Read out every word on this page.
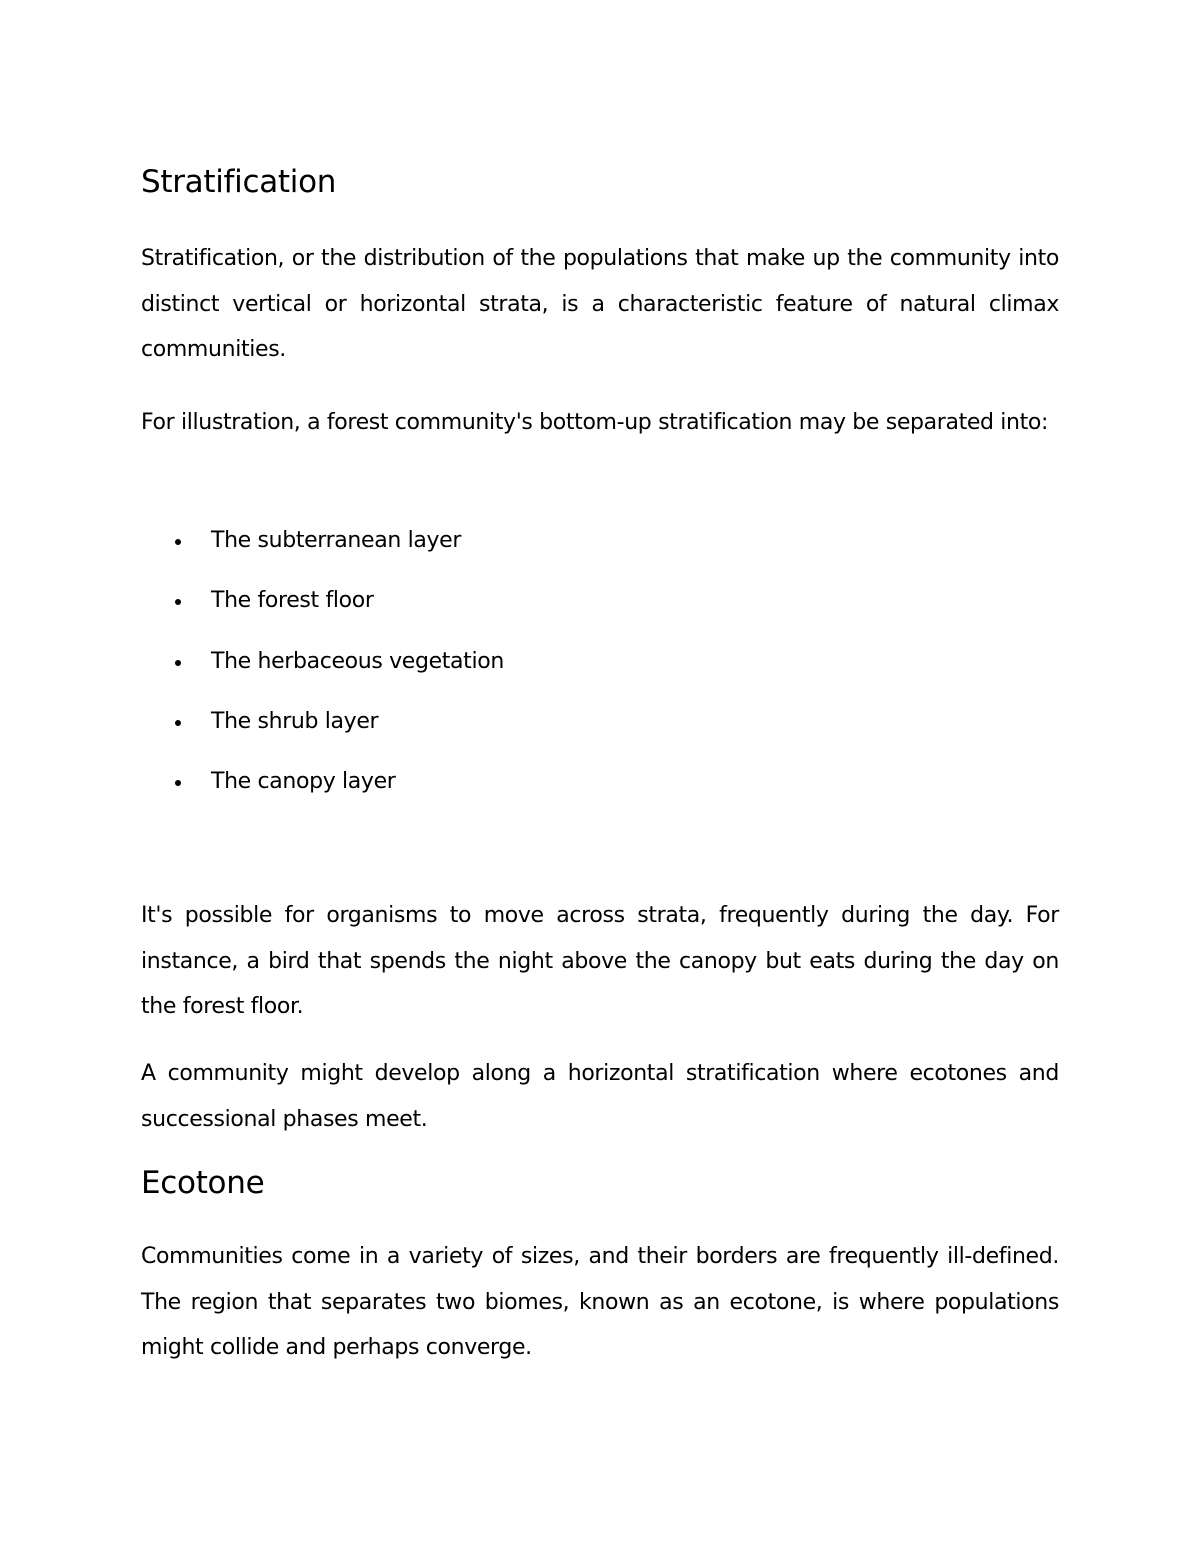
Stratification

Stratification, or the distribution of the populations that make up the community into distinct vertical or horizontal strata, is a characteristic feature of natural climax communities.

For illustration, a forest community's bottom-up stratification may be separated into:

The subterranean layer
The forest floor
The herbaceous vegetation
The shrub layer
The canopy layer

It's possible for organisms to move across strata, frequently during the day. For instance, a bird that spends the night above the canopy but eats during the day on the forest floor.

A community might develop along a horizontal stratification where ecotones and successional phases meet.

Ecotone

Communities come in a variety of sizes, and their borders are frequently ill-defined. The region that separates two biomes, known as an ecotone, is where populations might collide and perhaps converge.
